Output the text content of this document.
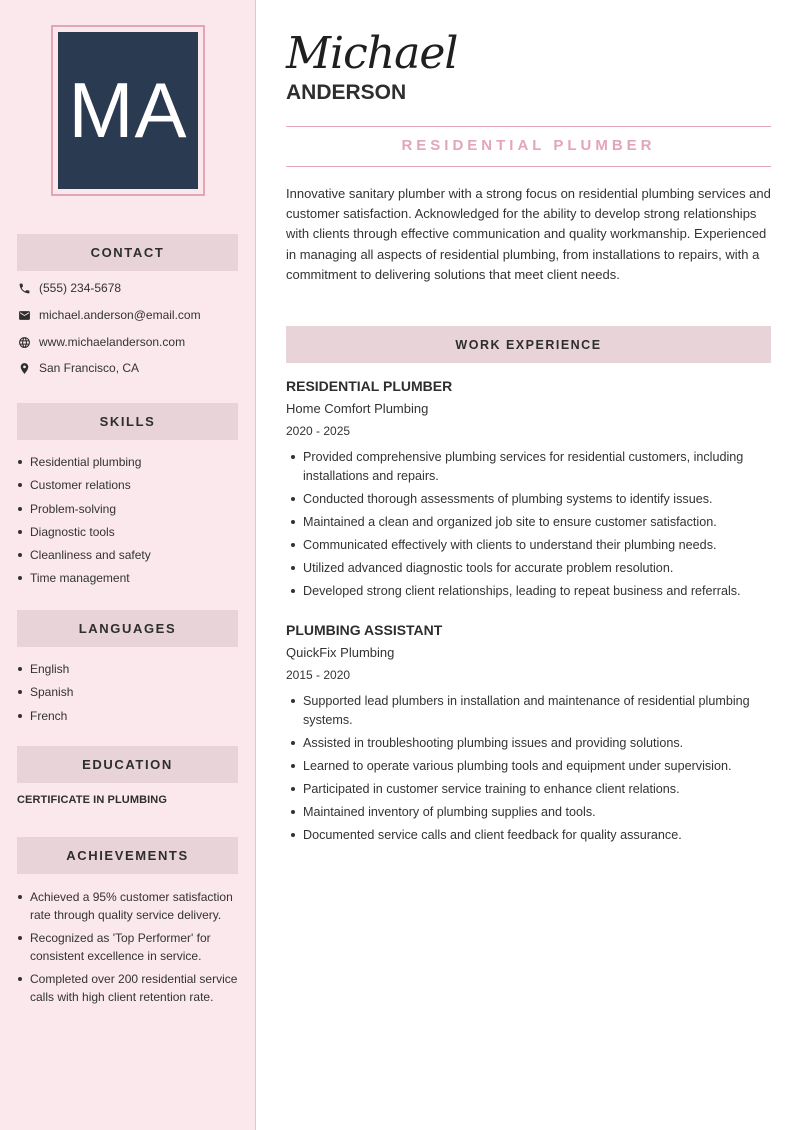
MA
CONTACT
(555) 234-5678
michael.anderson@email.com
www.michaelanderson.com
San Francisco, CA
SKILLS
Residential plumbing
Customer relations
Problem-solving
Diagnostic tools
Cleanliness and safety
Time management
LANGUAGES
English
Spanish
French
EDUCATION
CERTIFICATE IN PLUMBING
ACHIEVEMENTS
Achieved a 95% customer satisfaction rate through quality service delivery.
Recognized as 'Top Performer' for consistent excellence in service.
Completed over 200 residential service calls with high client retention rate.
Michael
ANDERSON
RESIDENTIAL PLUMBER

Innovative sanitary plumber with a strong focus on residential plumbing services and customer satisfaction. Acknowledged for the ability to develop strong relationships with clients through effective communication and quality workmanship. Experienced in managing all aspects of residential plumbing, from installations to repairs, with a commitment to delivering solutions that meet client needs.

WORK EXPERIENCE
RESIDENTIAL PLUMBER
Home Comfort Plumbing
2020 - 2025
Provided comprehensive plumbing services for residential customers, including installations and repairs.
Conducted thorough assessments of plumbing systems to identify issues.
Maintained a clean and organized job site to ensure customer satisfaction.
Communicated effectively with clients to understand their plumbing needs.
Utilized advanced diagnostic tools for accurate problem resolution.
Developed strong client relationships, leading to repeat business and referrals.
PLUMBING ASSISTANT
QuickFix Plumbing
2015 - 2020
Supported lead plumbers in installation and maintenance of residential plumbing systems.
Assisted in troubleshooting plumbing issues and providing solutions.
Learned to operate various plumbing tools and equipment under supervision.
Participated in customer service training to enhance client relations.
Maintained inventory of plumbing supplies and tools.
Documented service calls and client feedback for quality assurance.
